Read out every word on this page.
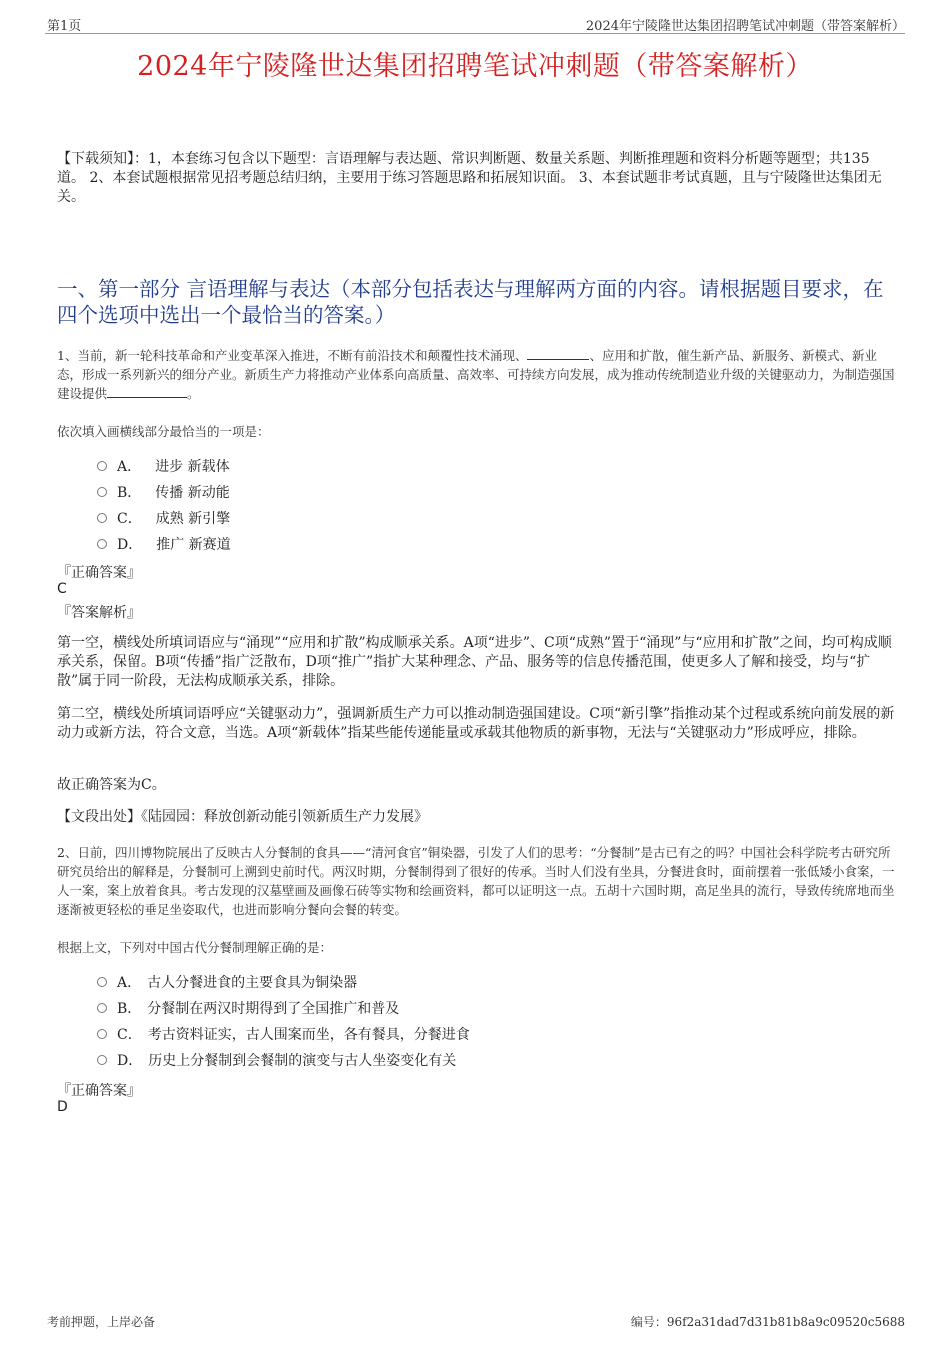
第1页	2024年宁陵隆世达集团招聘笔试冲刺题（带答案解析）
2024年宁陵隆世达集团招聘笔试冲刺题（带答案解析）
【下载须知】：1，本套练习包含以下题型：言语理解与表达题、常识判断题、数量关系题、判断推理题和资料分析题等题型；共135道。 2、本套试题根据常见招考题总结归纳，主要用于练习答题思路和拓展知识面。 3、本套试题非考试真题，且与宁陵隆世达集团无关。
一、第一部分 言语理解与表达（本部分包括表达与理解两方面的内容。请根据题目要求，在四个选项中选出一个最恰当的答案。）
1、当前，新一轮科技革命和产业变革深入推进，不断有前沿技术和颠覆性技术涌现、	、应用和扩散，催生新产品、新服务、新模式、新业态，形成一系列新兴的细分产业。新质生产力将推动产业体系向高质量、高效率、可持续方向发展，成为推动传统制造业升级的关键驱动力，为制造强国建设提供	。
依次填入画横线部分最恰当的一项是：
A． 进步 新载体
B． 传播 新动能
C． 成熟 新引擎
D． 推广 新赛道
『正确答案』
C
『答案解析』
第一空，横线处所填词语应与“涌现”“应用和扩散”构成顺承关系。A项“进步”、C项“成熟”置于“涌现”与“应用和扩散”之间，均可构成顺承关系，保留。B项“传播”指广泛散布，D项“推广”指扩大某种理念、产品、服务等的信息传播范围，使更多人了解和接受，均与“扩散”属于同一阶段，无法构成顺承关系，排除。
第二空，横线处所填词语呼应“关键驱动力”，强调新质生产力可以推动制造强国建设。C项“新引擎”指推动某个过程或系统向前发展的新动力或新方法，符合文意，当选。A项“新载体”指某些能传递能量或承载其他物质的新事物，无法与“关键驱动力”形成呼应，排除。
故正确答案为C。
【文段出处】《陆园园：释放创新动能引领新质生产力发展》
2、日前，四川博物院展出了反映古人分餐制的食具——“清河食官”铜染器，引发了人们的思考：“分餐制”是古已有之的吗？中国社会科学院考古研究所研究员给出的解释是，分餐制可上溯到史前时代。两汉时期，分餐制得到了很好的传承。当时人们没有坐具，分餐进食时，面前摆着一张低矮小食案，一人一案，案上放着食具。考古发现的汉墓壁画及画像石砖等实物和绘画资料，都可以证明这一点。五胡十六国时期，高足坐具的流行，导致传统席地而坐逐渐被更轻松的垂足坐姿取代，也进而影响分餐向会餐的转变。
根据上文，下列对中国古代分餐制理解正确的是：
A． 古人分餐进食的主要食具为铜染器
B． 分餐制在两汉时期得到了全国推广和普及
C． 考古资料证实，古人围案而坐，各有餐具，分餐进食
D． 历史上分餐制到会餐制的演变与古人坐姿变化有关
『正确答案』
D
考前押题，上岸必备	编号：96f2a31dad7d31b81b8a9c09520c5688
